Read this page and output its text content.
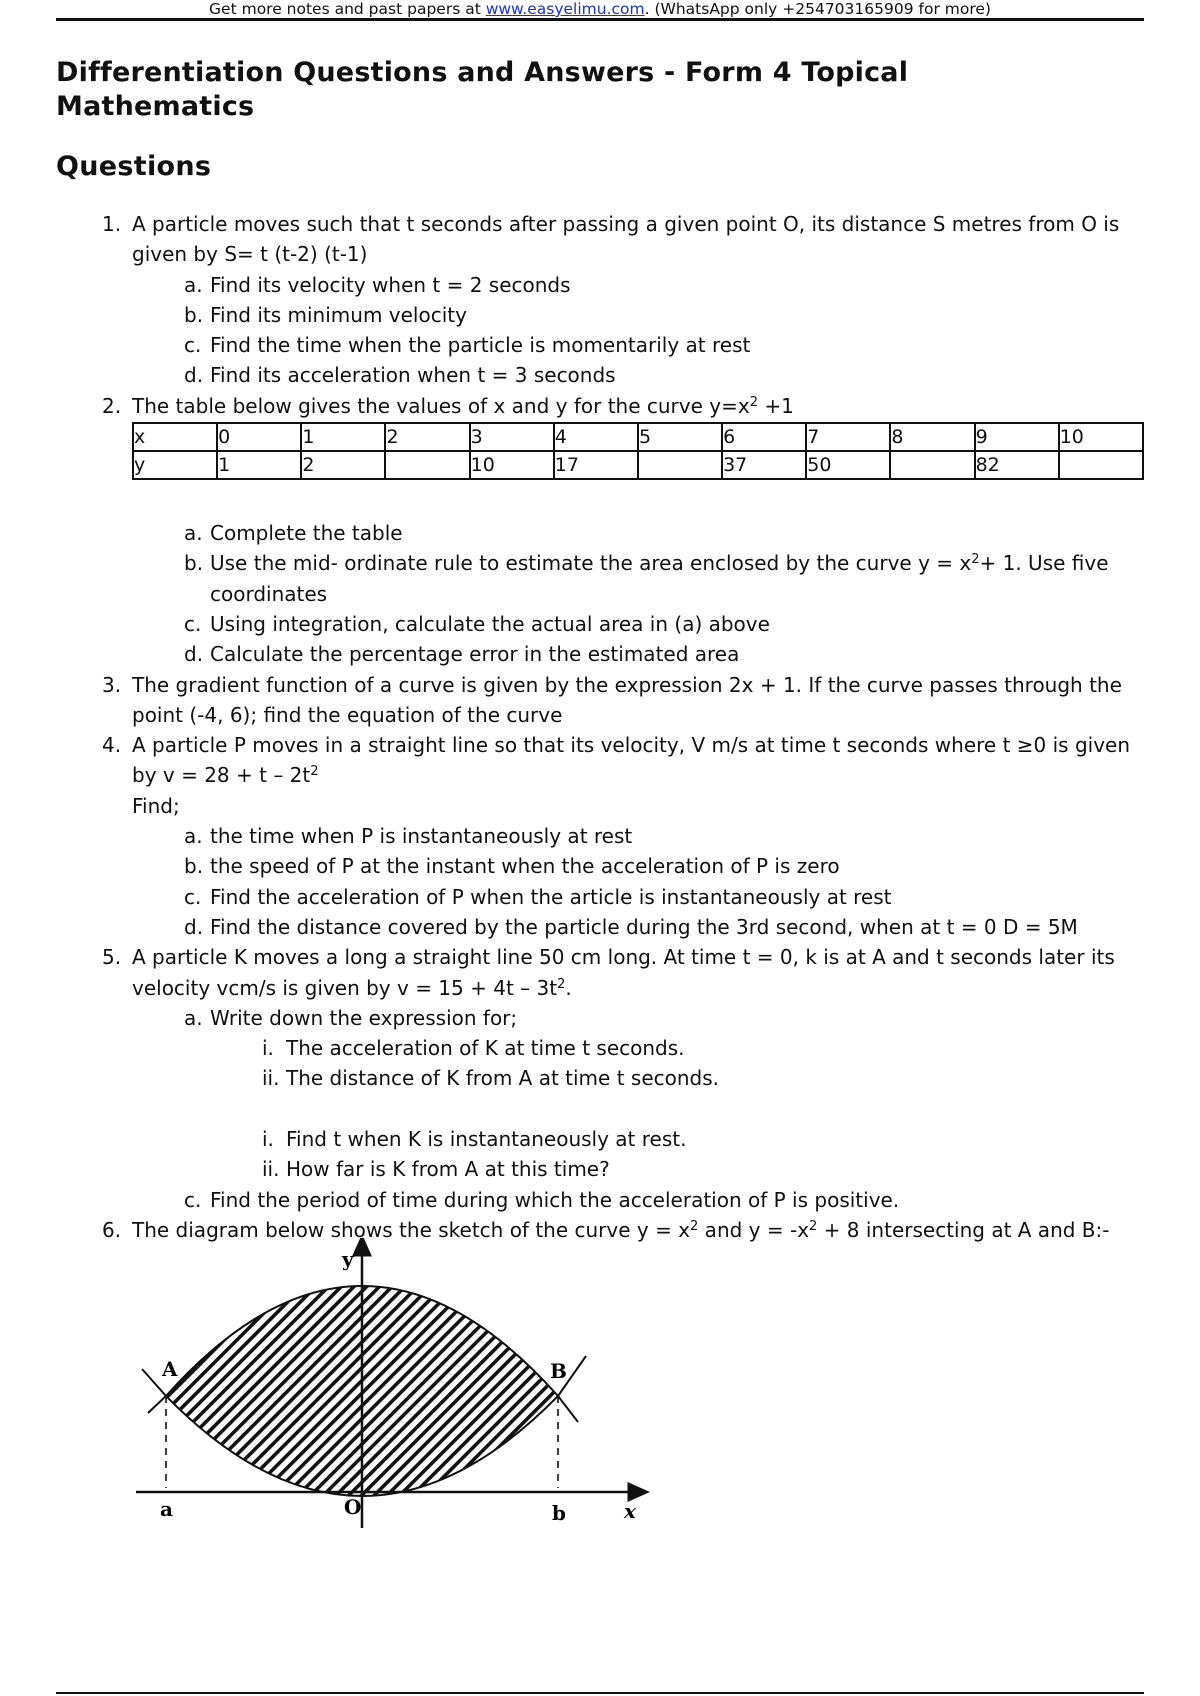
Get more notes and past papers at www.easyelimu.com. (WhatsApp only +254703165909 for more)
Differentiation Questions and Answers - Form 4 Topical Mathematics
Questions
1. A particle moves such that t seconds after passing a given point O, its distance S metres from O is given by S= t (t-2) (t-1)
a. Find its velocity when t = 2 seconds
b. Find its minimum velocity
c. Find the time when the particle is momentarily at rest
d. Find its acceleration when t = 3 seconds
2. The table below gives the values of x and y for the curve $y=x^2 +1$
x	0	1	2	3	4	5	6	7	8	9	10
y	1	2		10	17		37	50		82	
a. Complete the table
b. Use the mid- ordinate rule to estimate the area enclosed by the curve $y = x^2+ 1$. Use five coordinates
c. Using integration, calculate the actual area in (a) above
d. Calculate the percentage error in the estimated area
3. The gradient function of a curve is given by the expression 2x + 1. If the curve passes through the point (-4, 6); find the equation of the curve
4. A particle P moves in a straight line so that its velocity, V m/s at time t seconds where t ≥0 is given by $v = 28 + t - 2t^2$
Find;
a. the time when P is instantaneously at rest
b. the speed of P at the instant when the acceleration of P is zero
c. Find the acceleration of P when the article is instantaneously at rest
d. Find the distance covered by the particle during the 3rd second, when at t = 0 D = 5M
5. A particle K moves a long a straight line 50 cm long. At time t = 0, k is at A and t seconds later its velocity vcm/s is given by $v = 15 + 4t - 3t^2$.
a. Write down the expression for;
i. The acceleration of K at time t seconds.
ii. The distance of K from A at time t seconds.
i. Find t when K is instantaneously at rest.
ii. How far is K from A at this time?
c. Find the period of time during which the acceleration of P is positive.
6. The diagram below shows the sketch of the curve $y = x^2$ and $y = -x^2 + 8$ intersecting at A and B:-
y
x
A	B
O
a	b
